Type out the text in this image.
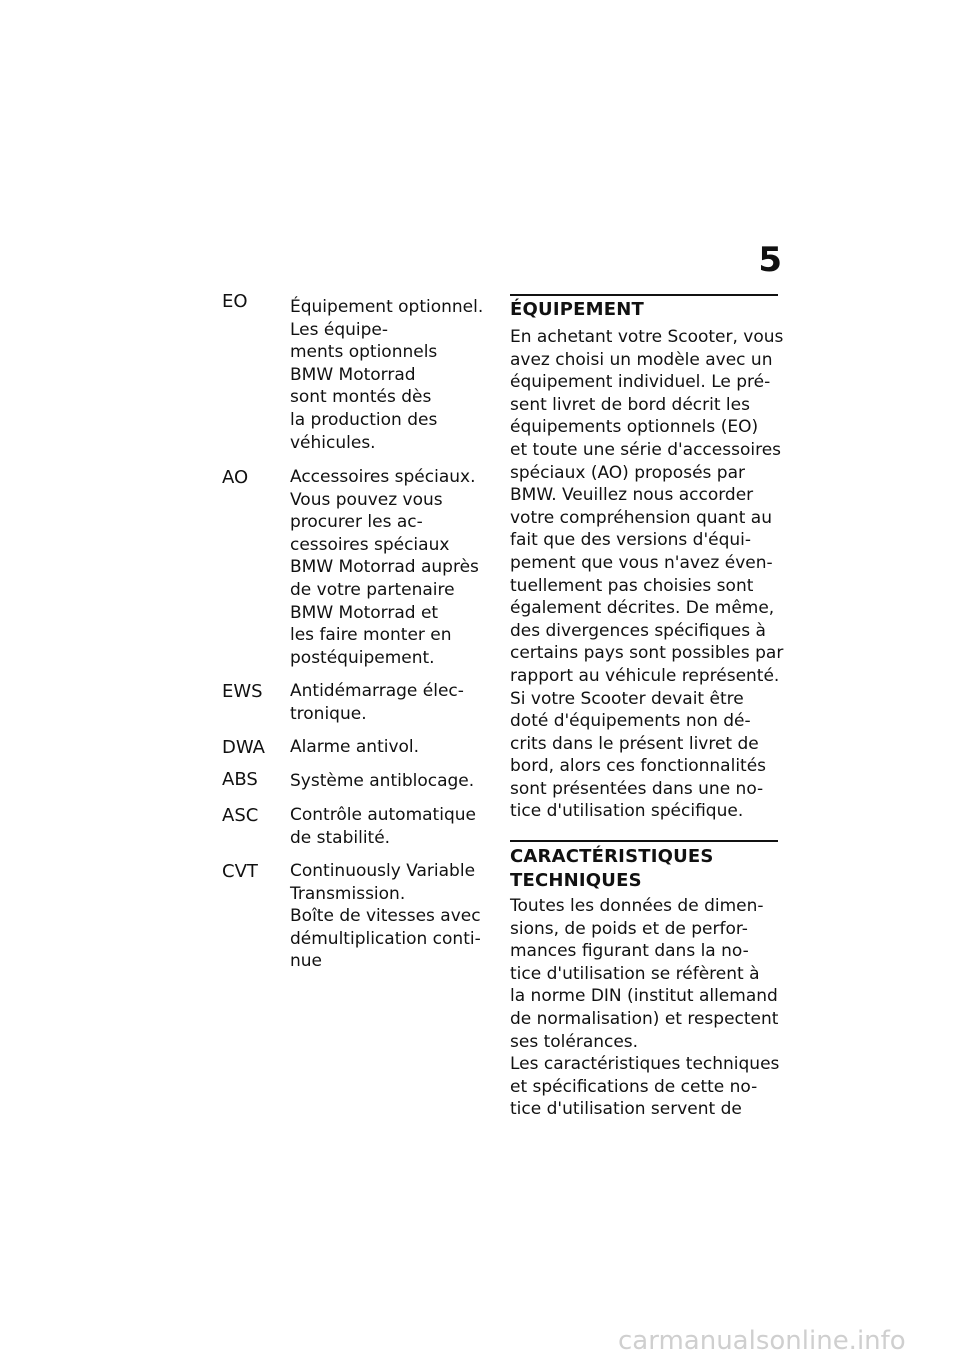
5
EO Équipement optionnel.
Les équipe-
ments optionnels
BMW Motorrad
sont montés dès
la production des
véhicules.
AO Accessoires spéciaux.
Vous pouvez vous
procurer les ac-
cessoires spéciaux
BMW Motorrad auprès
de votre partenaire
BMW Motorrad et
les faire monter en
postéquipement.
EWS Antidémarrage élec-
tronique.
DWA Alarme antivol.
ABS Système antiblocage.
ASC Contrôle automatique
de stabilité.
CVT Continuously Variable
Transmission.
Boîte de vitesses avec
démultiplication conti-
nue
ÉQUIPEMENT
En achetant votre Scooter, vous
avez choisi un modèle avec un
équipement individuel. Le pré-
sent livret de bord décrit les
équipements optionnels (EO)
et toute une série d'accessoires
spéciaux (AO) proposés par
BMW. Veuillez nous accorder
votre compréhension quant au
fait que des versions d'équi-
pement que vous n'avez éven-
tuellement pas choisies sont
également décrites. De même,
des divergences spécifiques à
certains pays sont possibles par
rapport au véhicule représenté.
Si votre Scooter devait être
doté d'équipements non dé-
crits dans le présent livret de
bord, alors ces fonctionnalités
sont présentées dans une no-
tice d'utilisation spécifique.
CARACTÉRISTIQUES
TECHNIQUES
Toutes les données de dimen-
sions, de poids et de perfor-
mances figurant dans la no-
tice d'utilisation se réfèrent à
la norme DIN (institut allemand
de normalisation) et respectent
ses tolérances.
Les caractéristiques techniques
et spécifications de cette no-
tice d'utilisation servent de
carmanualsonline.info
